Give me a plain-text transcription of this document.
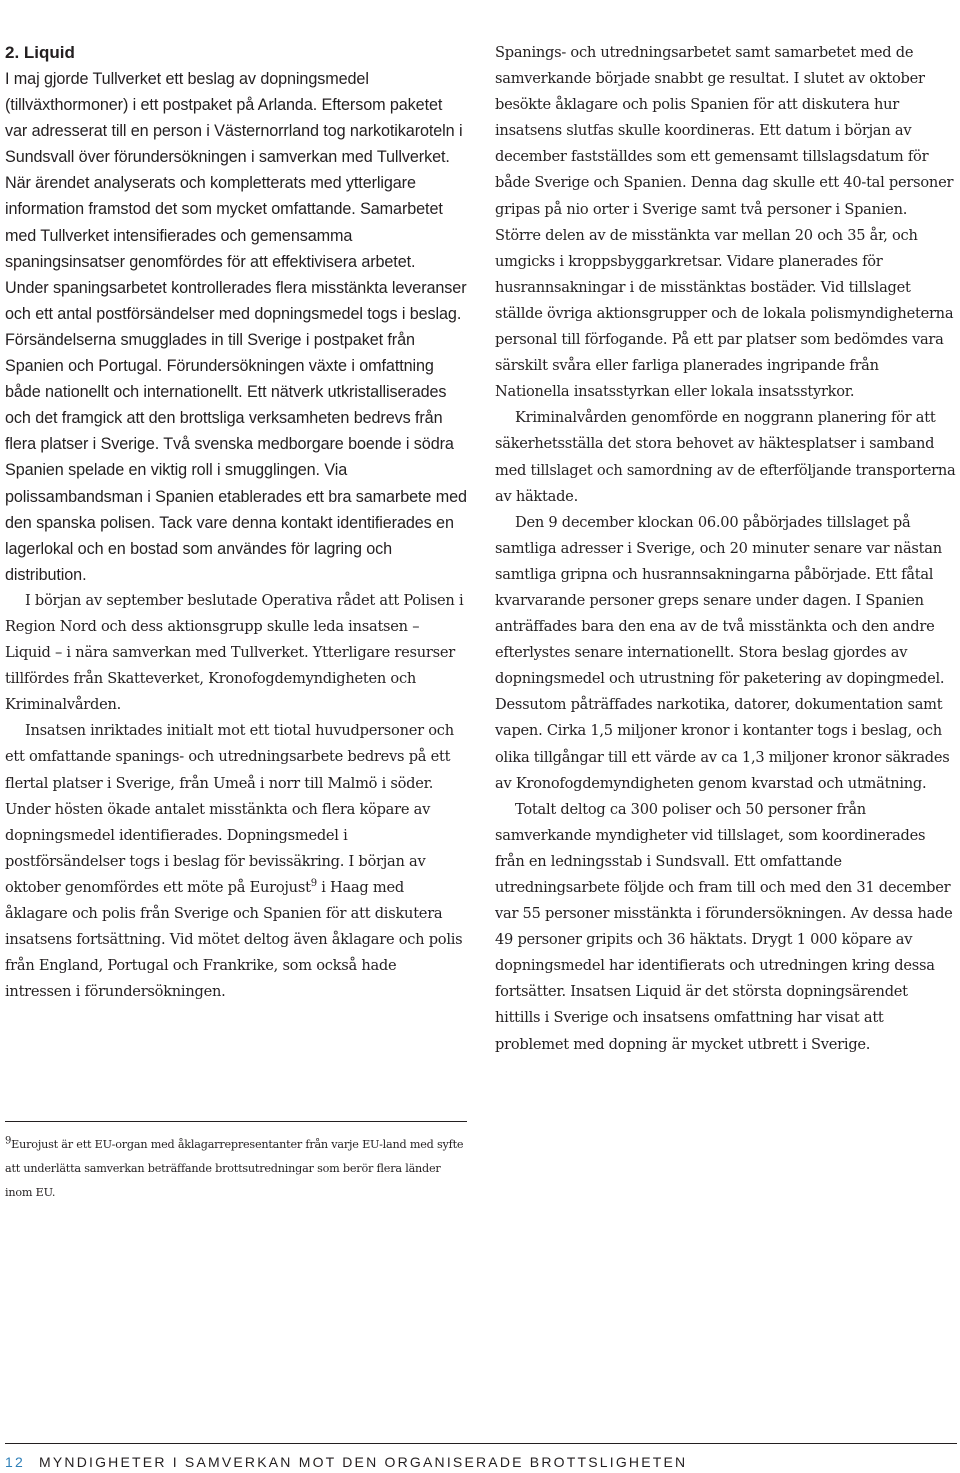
2. Liquid

I maj gjorde Tullverket ett beslag av dopningsmedel (tillväxthormoner) i ett postpaket på Arlanda. Eftersom paketet var adresserat till en person i Västernorrland tog narkotikaroteln i Sundsvall över förundersökningen i samverkan med Tullverket. När ärendet analyserats och kompletterats med ytterligare information framstod det som mycket omfattande. Samarbetet med Tullverket intensifierades och gemensamma spaningsinsatser genomfördes för att effektivisera arbetet.

Under spaningsarbetet kontrollerades flera misstänkta leveranser och ett antal postförsändelser med dopningsmedel togs i beslag. Försändelserna smugglades in till Sverige i postpaket från Spanien och Portugal. Förundersökningen växte i omfattning både nationellt och internationellt. Ett nätverk utkristalliserades och det framgick att den brottsliga verksamheten bedrevs från flera platser i Sverige. Två svenska medborgare boende i södra Spanien spelade en viktig roll i smugglingen. Via polissambandsman i Spanien etablerades ett bra samarbete med den spanska polisen. Tack vare denna kontakt identifierades en lagerlokal och en bostad som användes för lagring och distribution.

I början av september beslutade Operativa rådet att Polisen i Region Nord och dess aktionsgrupp skulle leda insatsen – Liquid – i nära samverkan med Tullverket. Ytterligare resurser tillfördes från Skatteverket, Kronofogdemyndigheten och Kriminalvården.

Insatsen inriktades initialt mot ett tiotal huvudpersoner och ett omfattande spanings- och utredningsarbete bedrevs på ett flertal platser i Sverige, från Umeå i norr till Malmö i söder. Under hösten ökade antalet misstänkta och flera köpare av dopningsmedel identifierades. Dopningsmedel i postförsändelser togs i beslag för bevissäkring. I början av oktober genomfördes ett möte på Eurojust$^9$ i Haag med åklagare och polis från Sverige och Spanien för att diskutera insatsens fortsättning. Vid mötet deltog även åklagare och polis från England, Portugal och Frankrike, som också hade intressen i förundersökningen.

Spanings- och utredningsarbetet samt samarbetet med de samverkande började snabbt ge resultat. I slutet av oktober besökte åklagare och polis Spanien för att diskutera hur insatsens slutfas skulle koordineras. Ett datum i början av december fastställdes som ett gemensamt tillslagsdatum för både Sverige och Spanien. Denna dag skulle ett 40-tal personer gripas på nio orter i Sverige samt två personer i Spanien. Större delen av de misstänkta var mellan 20 och 35 år, och umgicks i kroppsbyggarkretsar. Vidare planerades för husrannsakningar i de misstänktas bostäder. Vid tillslaget ställde övriga aktionsgrupper och de lokala polismyndigheterna personal till förfogande. På ett par platser som bedömdes vara särskilt svåra eller farliga planerades ingripande från Nationella insatsstyrkan eller lokala insatsstyrkor.

Kriminalvården genomförde en noggrann planering för att säkerhetsställa det stora behovet av häktesplatser i samband med tillslaget och samordning av de efterföljande transporterna av häktade.

Den 9 december klockan 06.00 påbörjades tillslaget på samtliga adresser i Sverige, och 20 minuter senare var nästan samtliga gripna och husrannsakningarna påbörjade. Ett fåtal kvarvarande personer greps senare under dagen. I Spanien anträffades bara den ena av de två misstänkta och den andre efterlystes senare internationellt. Stora beslag gjordes av dopningsmedel och utrustning för paketering av dopingmedel. Dessutom påträffades narkotika, datorer, dokumentation samt vapen. Cirka 1,5 miljoner kronor i kontanter togs i beslag, och olika tillgångar till ett värde av ca 1,3 miljoner kronor säkrades av Kronofogdemyndigheten genom kvarstad och utmätning.

Totalt deltog ca 300 poliser och 50 personer från samverkande myndigheter vid tillslaget, som koordinerades från en ledningsstab i Sundsvall. Ett omfattande utredningsarbete följde och fram till och med den 31 december var 55 personer misstänkta i förundersökningen. Av dessa hade 49 personer gripits och 36 häktats. Drygt 1 000 köpare av dopningsmedel har identifierats och utredningen kring dessa fortsätter. Insatsen Liquid är det största dopningsärendet hittills i Sverige och insatsens omfattning har visat att problemet med dopning är mycket utbrett i Sverige.

$^9$Eurojust är ett EU-organ med åklagarrepresentanter från varje EU-land med syfte att underlätta samverkan beträffande brottsutredningar som berör flera länder inom EU.

12 MYNDIGHETER I SAMVERKAN MOT DEN ORGANISERADE BROTTSLIGHETEN
